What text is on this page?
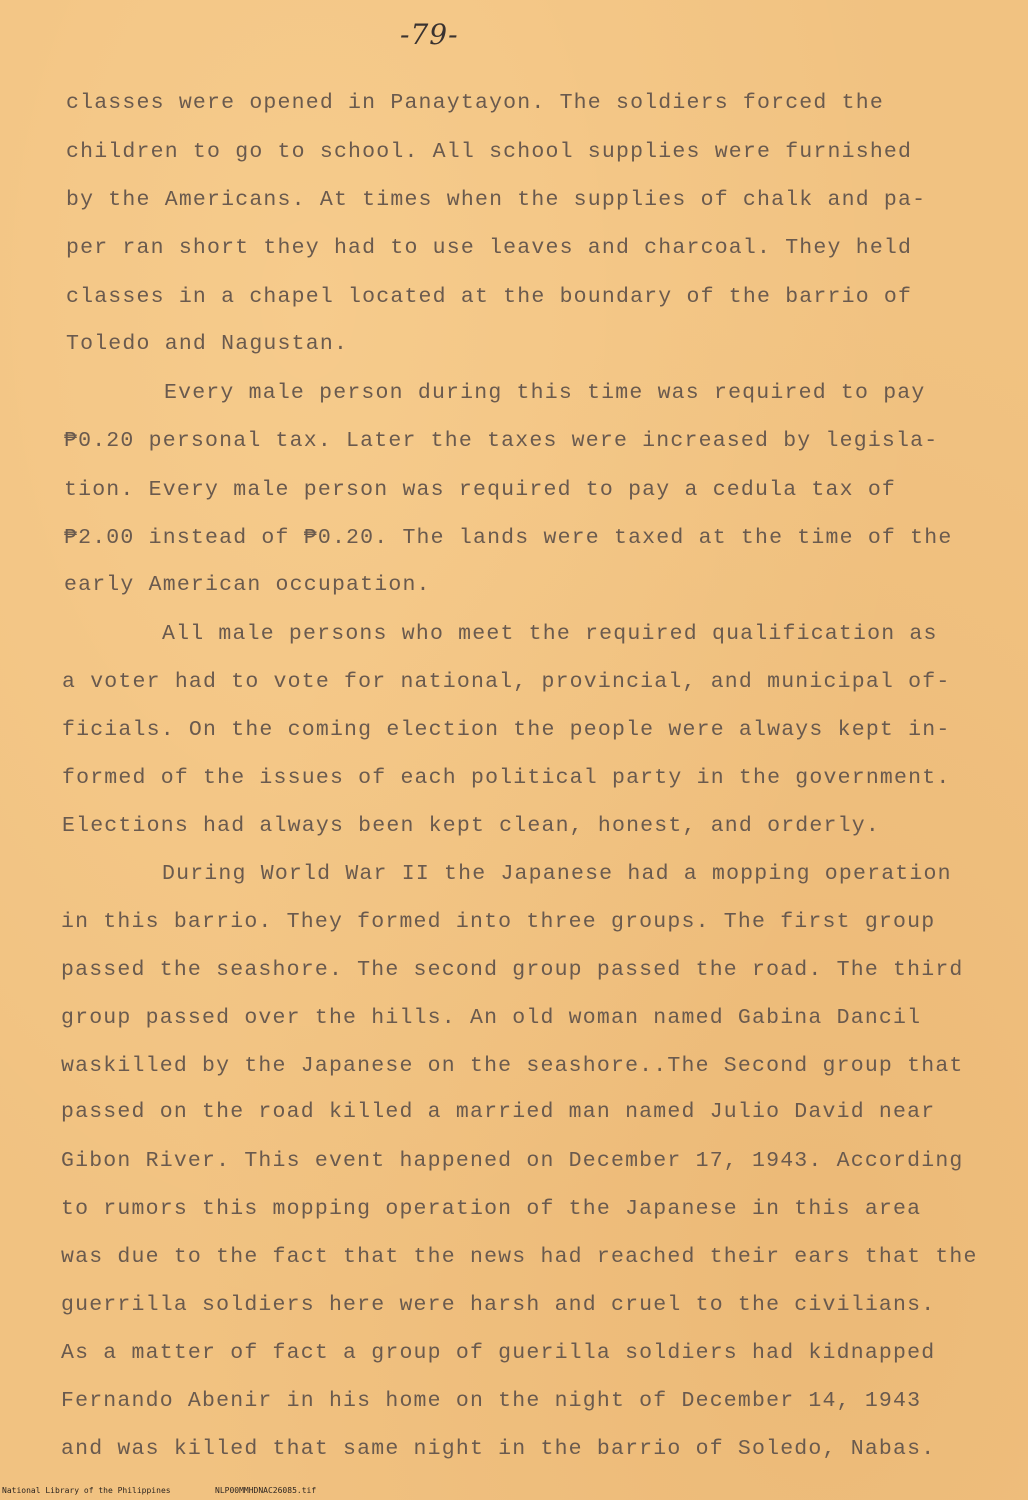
-79-
classes were opened in Panaytayon. The soldiers forced the
children to go to school. All school supplies were furnished
by the Americans. At times when the supplies of chalk and pa-
per ran short they had to use leaves and charcoal. They held
classes in a chapel located at the boundary of the barrio of
Toledo and Nagustan.
Every male person during this time was required to pay
₱0.20 personal tax. Later the taxes were increased by legisla-
tion. Every male person was required to pay a cedula tax of
₱2.00 instead of ₱0.20. The lands were taxed at the time of the
early American occupation.
All male persons who meet the required qualification as
a voter had to vote for national, provincial, and municipal of-
ficials. On the coming election the people were always kept in-
formed of the issues of each political party in the government.
Elections had always been kept clean, honest, and orderly.
During World War II the Japanese had a mopping operation
in this barrio. They formed into three groups. The first group
passed the seashore. The second group passed the road. The third
group passed over the hills. An old woman named Gabina Dancil
waskilled by the Japanese on the seashore..The Second group that
passed on the road killed a married man named Julio David near
Gibon River. This event happened on December 17, 1943. According
to rumors this mopping operation of the Japanese in this area
was due to the fact that the news had reached their ears that the
guerrilla soldiers here were harsh and cruel to the civilians.
As a matter of fact a group of guerilla soldiers had kidnapped
Fernando Abenir in his home on the night of December 14, 1943
and was killed that same night in the barrio of Soledo, Nabas.
National Library of the Philippines	NLP00MMHDNAC26085.tif
